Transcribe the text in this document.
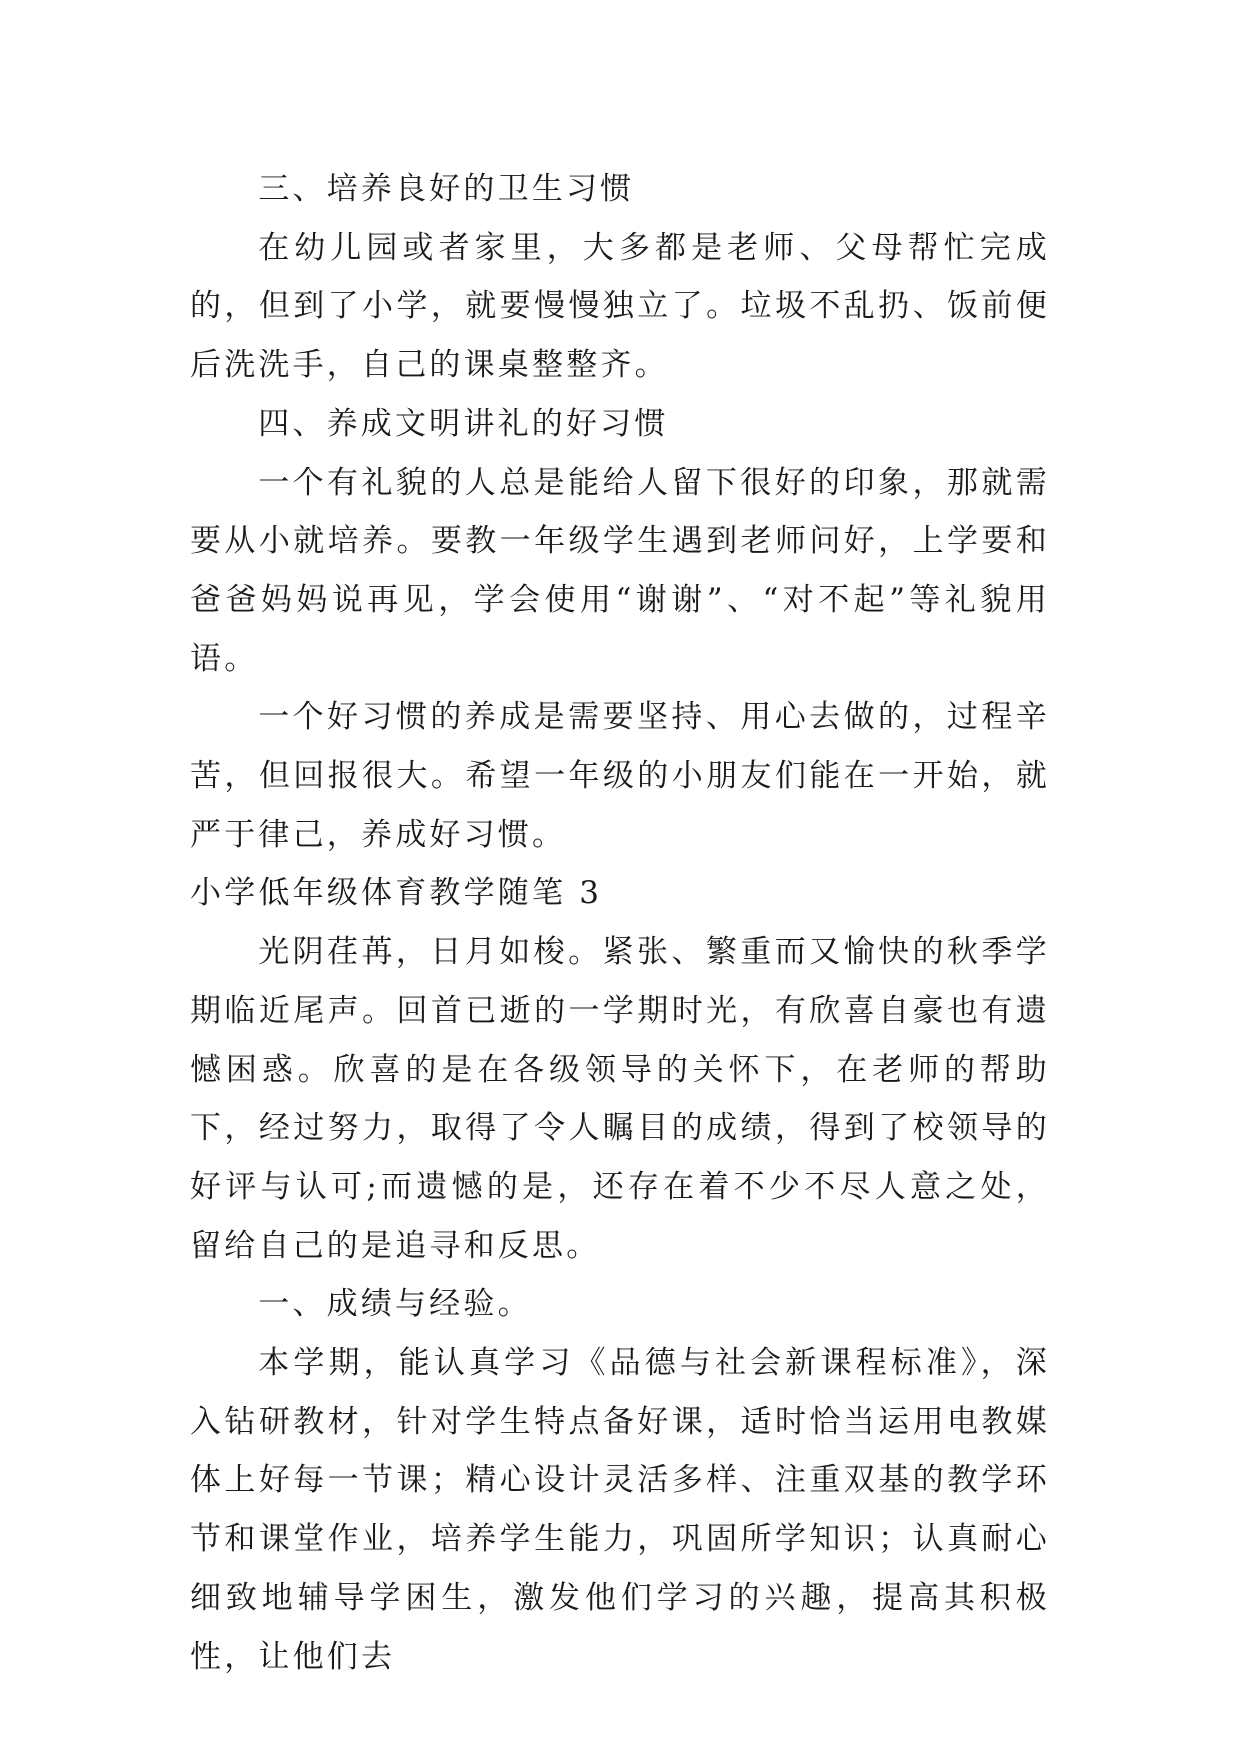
三、培养良好的卫生习惯

在幼儿园或者家里，大多都是老师、父母帮忙完成的，但到了小学，就要慢慢独立了。垃圾不乱扔、饭前便后洗洗手，自己的课桌整整齐。

四、养成文明讲礼的好习惯

一个有礼貌的人总是能给人留下很好的印象，那就需要从小就培养。要教一年级学生遇到老师问好，上学要和爸爸妈妈说再见，学会使用“谢谢”、“对不起”等礼貌用语。

一个好习惯的养成是需要坚持、用心去做的，过程辛苦，但回报很大。希望一年级的小朋友们能在一开始，就严于律己，养成好习惯。

小学低年级体育教学随笔 3

光阴荏苒，日月如梭。紧张、繁重而又愉快的秋季学期临近尾声。回首已逝的一学期时光，有欣喜自豪也有遗憾困惑。欣喜的是在各级领导的关怀下，在老师的帮助下，经过努力，取得了令人瞩目的成绩，得到了校领导的好评与认可;而遗憾的是，还存在着不少不尽人意之处，留给自己的是追寻和反思。

一、成绩与经验。

本学期，能认真学习《品德与社会新课程标准》，深入钻研教材，针对学生特点备好课，适时恰当运用电教媒体上好每一节课；精心设计灵活多样、注重双基的教学环节和课堂作业，培养学生能力，巩固所学知识；认真耐心细致地辅导学困生，激发他们学习的兴趣，提高其积极性，让他们去
